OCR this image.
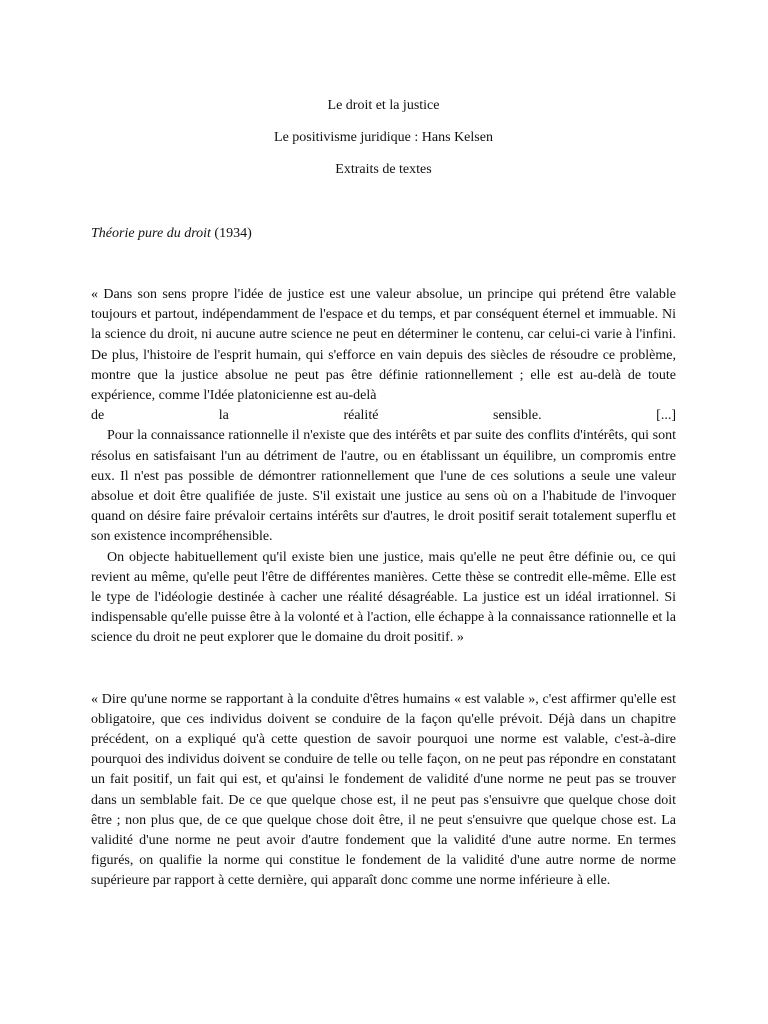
Le droit et la justice

Le positivisme juridique : Hans Kelsen

Extraits de textes

Théorie pure du droit (1934)

« Dans son sens propre l'idée de justice est une valeur absolue, un principe qui prétend être valable toujours et partout, indépendamment de l'espace et du temps, et par conséquent éternel et immuable. Ni la science du droit, ni aucune autre science ne peut en déterminer le contenu, car celui-ci varie à l'infini. De plus, l'histoire de l'esprit humain, qui s'efforce en vain depuis des siècles de résoudre ce problème, montre que la justice absolue ne peut pas être définie rationnellement ; elle est au-delà de toute expérience, comme l'Idée platonicienne est au-delà

de	la	réalité	sensible.	[...]

Pour la connaissance rationnelle il n'existe que des intérêts et par suite des conflits d'intérêts, qui sont résolus en satisfaisant l'un au détriment de l'autre, ou en établissant un équilibre, un compromis entre eux. Il n'est pas possible de démontrer rationnellement que l'une de ces solutions a seule une valeur absolue et doit être qualifiée de juste. S'il existait une justice au sens où on a l'habitude de l'invoquer quand on désire faire prévaloir certains intérêts sur d'autres, le droit positif serait totalement superflu et son existence incompréhensible.

On objecte habituellement qu'il existe bien une justice, mais qu'elle ne peut être définie ou, ce qui revient au même, qu'elle peut l'être de différentes manières. Cette thèse se contredit elle-même. Elle est le type de l'idéologie destinée à cacher une réalité désagréable. La justice est un idéal irrationnel. Si indispensable qu'elle puisse être à la volonté et à l'action, elle échappe à la connaissance rationnelle et la science du droit ne peut explorer que le domaine du droit positif. »

« Dire qu'une norme se rapportant à la conduite d'êtres humains « est valable », c'est affirmer qu'elle est obligatoire, que ces individus doivent se conduire de la façon qu'elle prévoit. Déjà dans un chapitre précédent, on a expliqué qu'à cette question de savoir pourquoi une norme est valable, c'est-à-dire pourquoi des individus doivent se conduire de telle ou telle façon, on ne peut pas répondre en constatant un fait positif, un fait qui est, et qu'ainsi le fondement de validité d'une norme ne peut pas se trouver dans un semblable fait. De ce que quelque chose est, il ne peut pas s'ensuivre que quelque chose doit être ; non plus que, de ce que quelque chose doit être, il ne peut s'ensuivre que quelque chose est. La validité d'une norme ne peut avoir d'autre fondement que la validité d'une autre norme. En termes figurés, on qualifie la norme qui constitue le fondement de la validité d'une autre norme de norme supérieure par rapport à cette dernière, qui apparaît donc comme une norme inférieure à elle.
